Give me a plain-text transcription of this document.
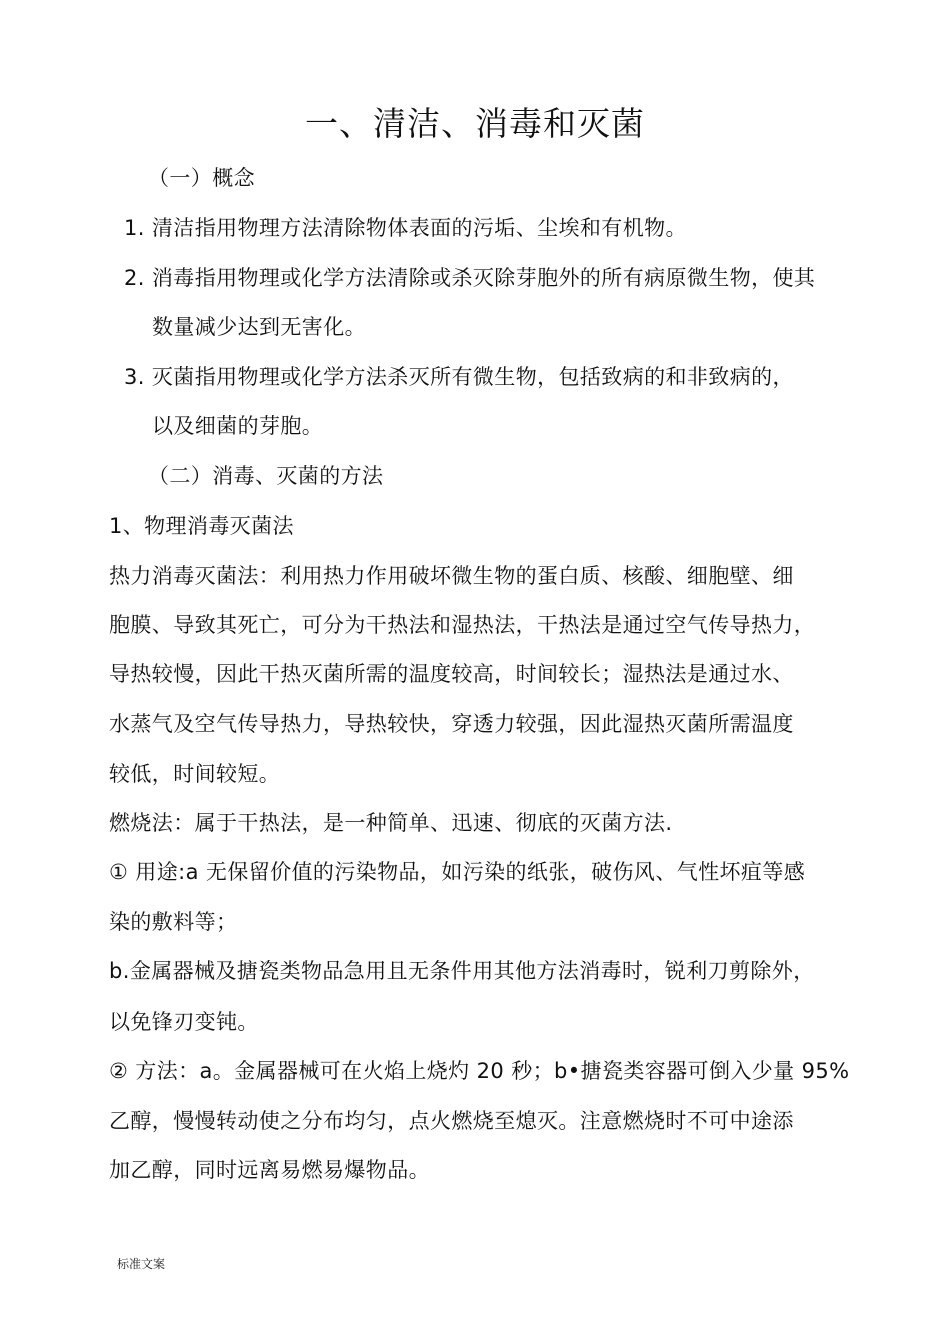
一、清洁、消毒和灭菌
（一）概念
1. 清洁指用物理方法清除物体表面的污垢、尘埃和有机物。
2. 消毒指用物理或化学方法清除或杀灭除芽胞外的所有病原微生物，使其
数量减少达到无害化。
3. 灭菌指用物理或化学方法杀灭所有微生物，包括致病的和非致病的，
以及细菌的芽胞。
（二）消毒、灭菌的方法
1、物理消毒灭菌法
热力消毒灭菌法：利用热力作用破坏微生物的蛋白质、核酸、细胞壁、细
胞膜、导致其死亡，可分为干热法和湿热法，干热法是通过空气传导热力，
导热较慢，因此干热灭菌所需的温度较高，时间较长；湿热法是通过水、
水蒸气及空气传导热力，导热较快，穿透力较强，因此湿热灭菌所需温度
较低，时间较短。
燃烧法：属于干热法，是一种简单、迅速、彻底的灭菌方法.
① 用途:a 无保留价值的污染物品，如污染的纸张，破伤风、气性坏疽等感
染的敷料等；
b.金属器械及搪瓷类物品急用且无条件用其他方法消毒时，锐利刀剪除外，
以免锋刃变钝。
② 方法：a。金属器械可在火焰上烧灼 20 秒；b•搪瓷类容器可倒入少量 95%
乙醇，慢慢转动使之分布均匀，点火燃烧至熄灭。注意燃烧时不可中途添
加乙醇，同时远离易燃易爆物品。
标准文案
